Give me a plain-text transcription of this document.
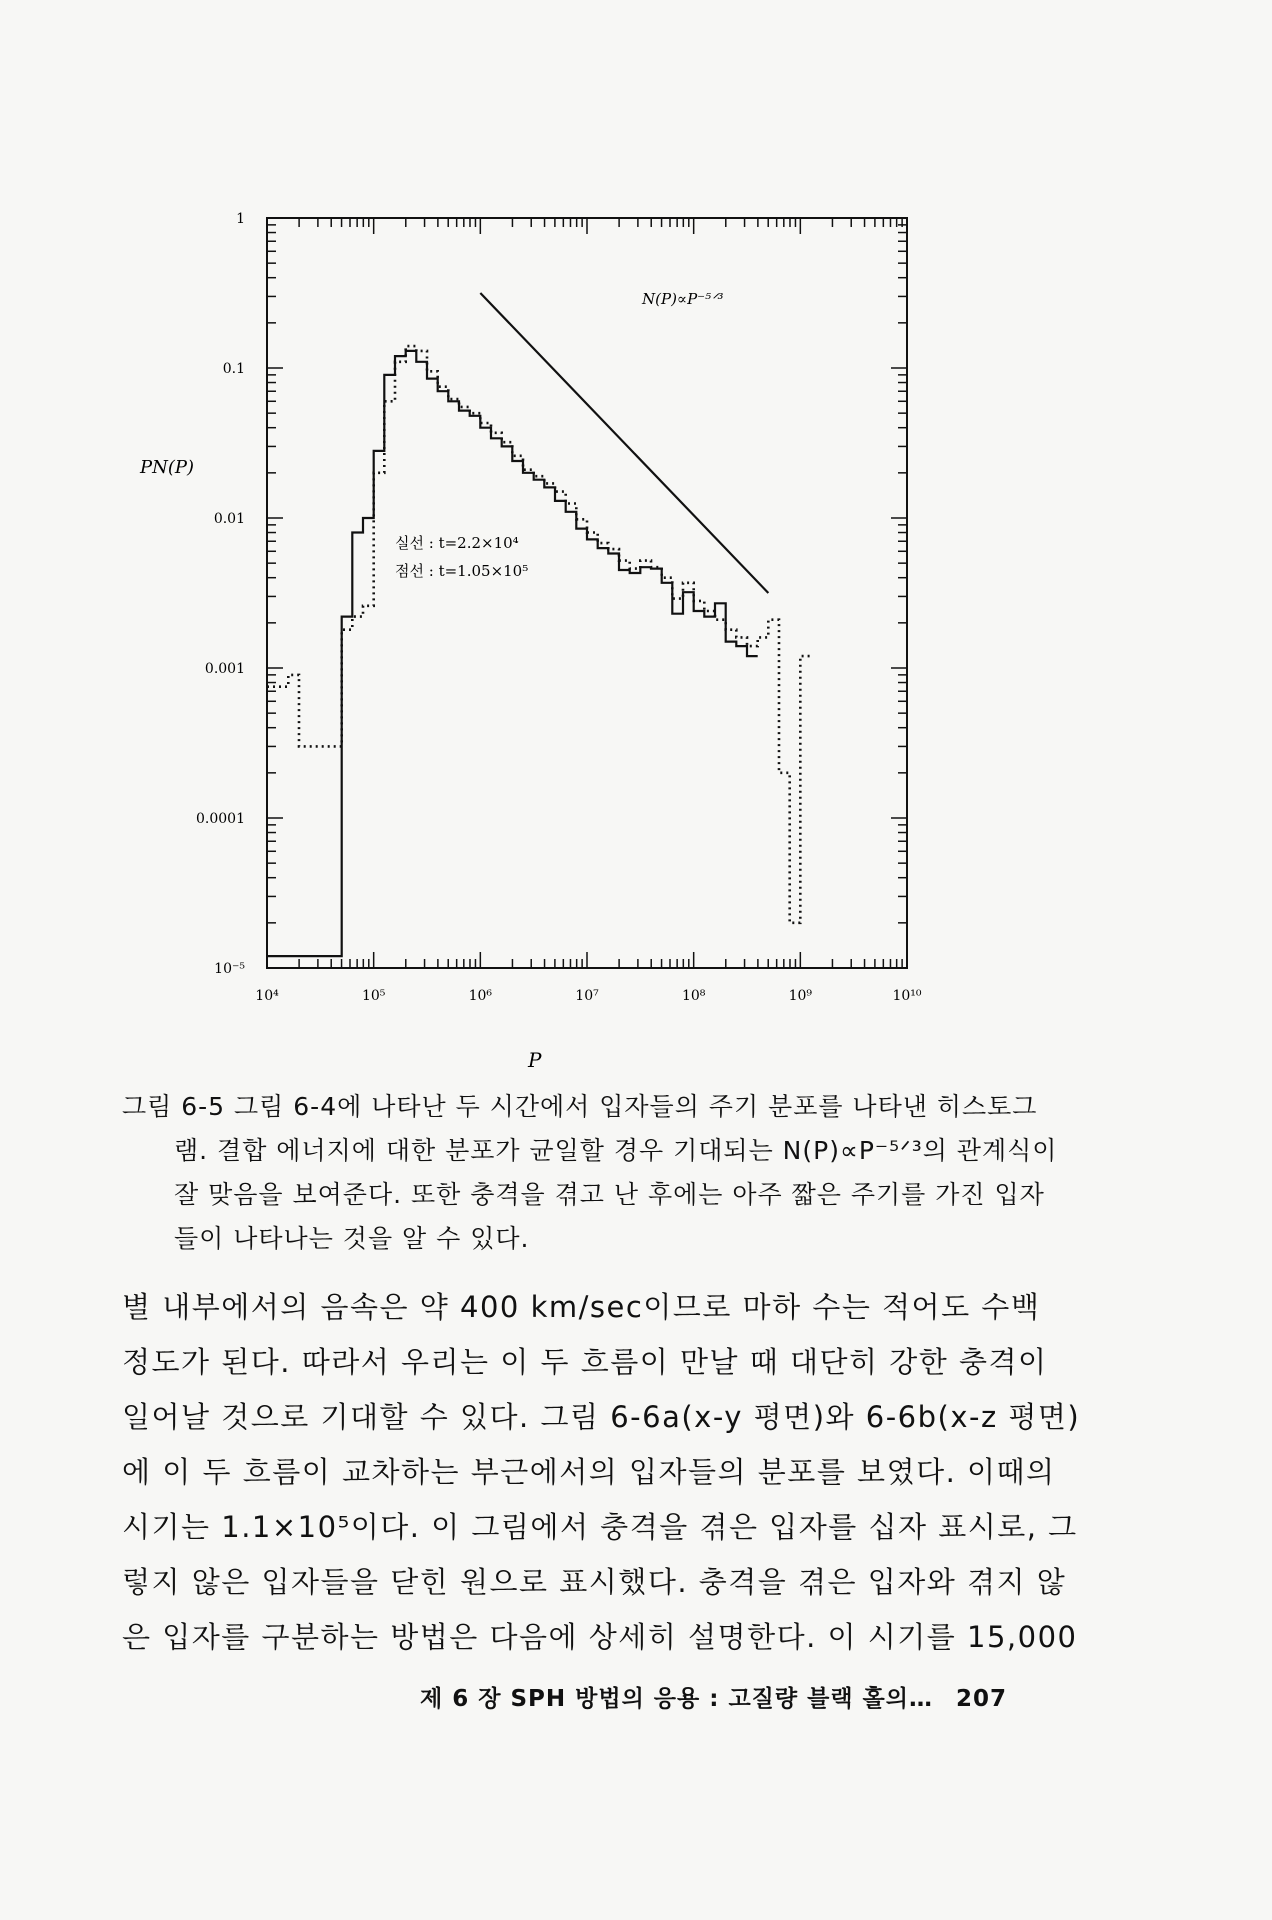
10⁻⁵
0.0001
0.001
0.01
0.1
1
10⁴	10⁵	10⁶	10⁷	10⁸	10⁹	10¹⁰
N(P)∝P⁻⁵ᐟ³
실선 : t=2.2×10⁴
점선 : t=1.05×10⁵
PN(P)
P
그림 6-5 그림 6-4에 나타난 두 시간에서 입자들의 주기 분포를 나타낸 히스토그
램. 결합 에너지에 대한 분포가 균일할 경우 기대되는 N(P)∝P⁻⁵ᐟ³의 관계식이
잘 맞음을 보여준다. 또한 충격을 겪고 난 후에는 아주 짧은 주기를 가진 입자
들이 나타나는 것을 알 수 있다.
별 내부에서의 음속은 약 400 km/sec이므로 마하 수는 적어도 수백
정도가 된다. 따라서 우리는 이 두 흐름이 만날 때 대단히 강한 충격이
일어날 것으로 기대할 수 있다. 그림 6-6a(x-y 평면)와 6-6b(x-z 평면)
에 이 두 흐름이 교차하는 부근에서의 입자들의 분포를 보였다. 이때의
시기는 1.1×10⁵이다. 이 그림에서 충격을 겪은 입자를 십자 표시로, 그
렇지 않은 입자들을 닫힌 원으로 표시했다. 충격을 겪은 입자와 겪지 않
은 입자를 구분하는 방법은 다음에 상세히 설명한다. 이 시기를 15,000
제 6 장 SPH 방법의 응용 : 고질량 블랙 홀의… 207
